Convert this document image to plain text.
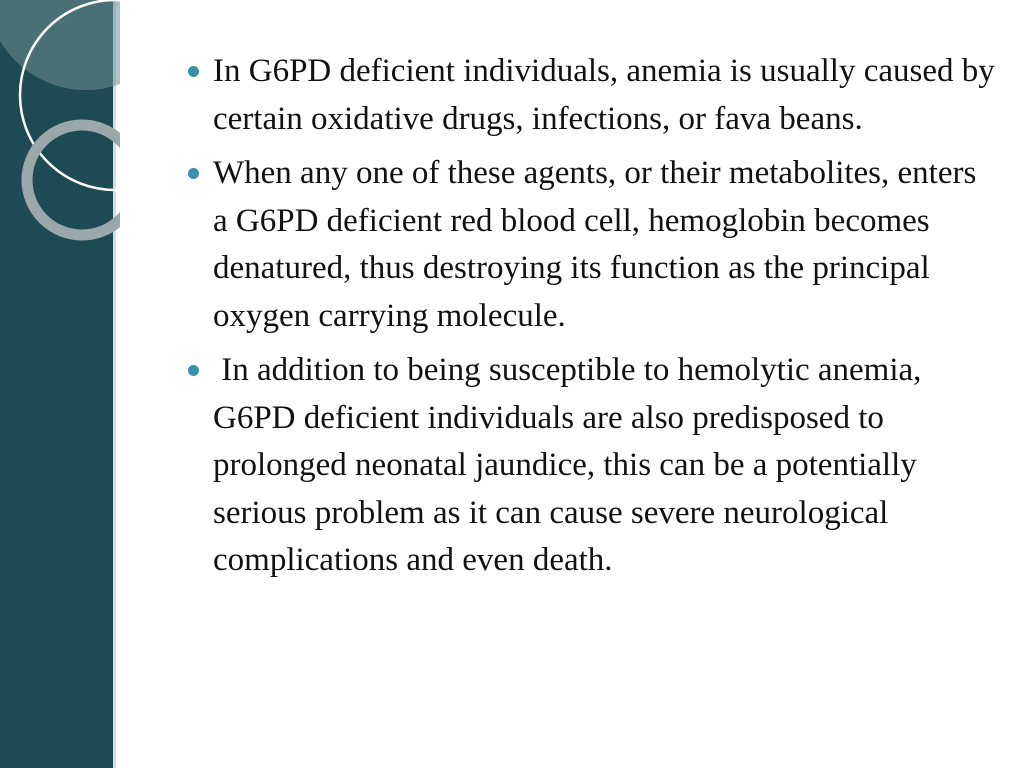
In G6PD deficient individuals, anemia is usually caused by certain oxidative drugs, infections, or fava beans.
When any one of these agents, or their metabolites, enters a G6PD deficient red blood cell, hemoglobin becomes denatured, thus destroying its function as the principal oxygen carrying molecule.
In addition to being susceptible to hemolytic anemia, G6PD deficient individuals are also predisposed to prolonged neonatal jaundice, this can be a potentially serious problem as it can cause severe neurological complications and even death.
